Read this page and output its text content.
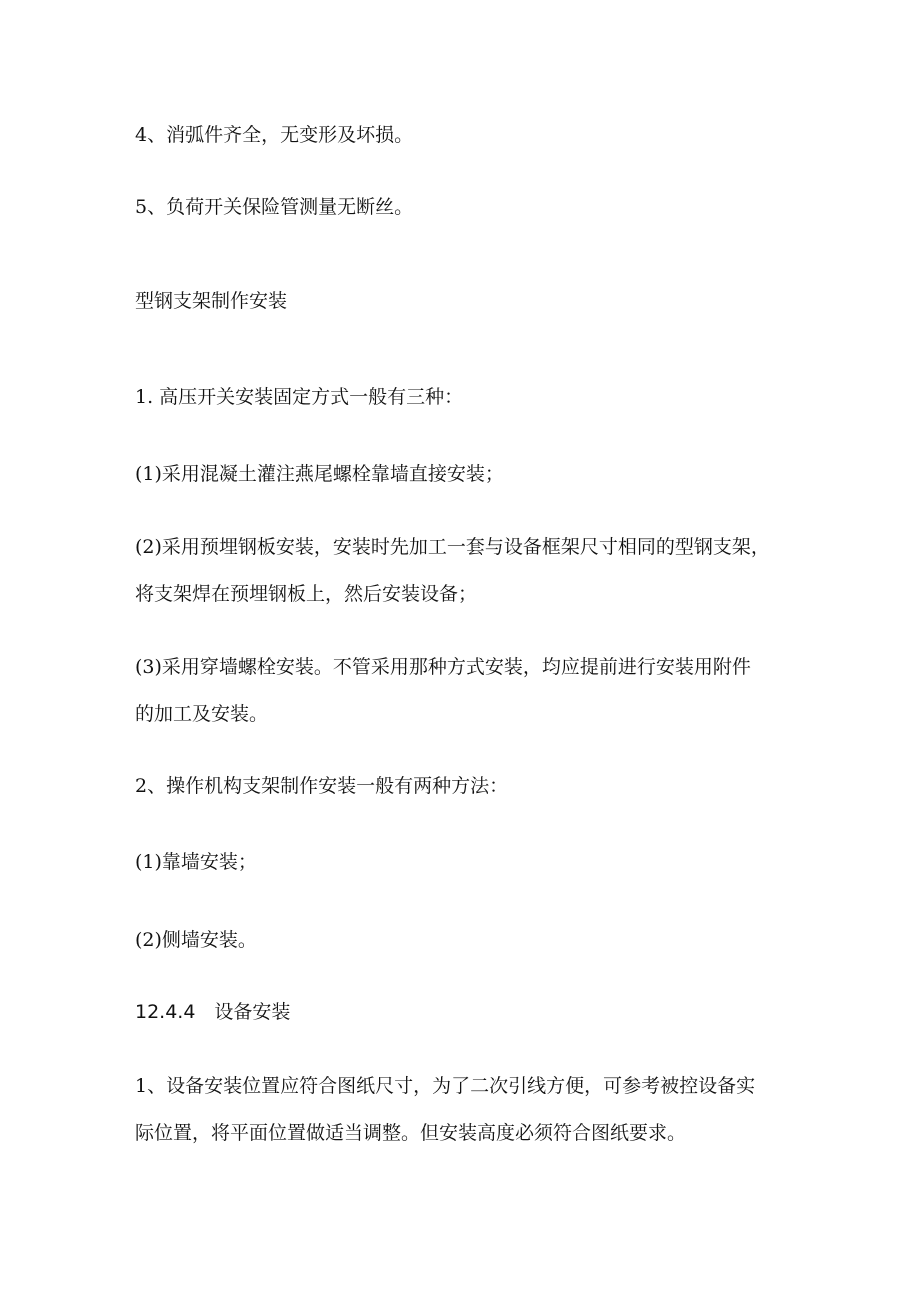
4、消弧件齐全，无变形及坏损。

5、负荷开关保险管测量无断丝。

型钢支架制作安装

1. 高压开关安装固定方式一般有三种：

(1)采用混凝土灌注燕尾螺栓靠墙直接安装；

(2)采用预埋钢板安装，安装时先加工一套与设备框架尺寸相同的型钢支架，

将支架焊在预埋钢板上，然后安装设备；

(3)采用穿墙螺栓安装。不管采用那种方式安装，均应提前进行安装用附件

的加工及安装。

2、操作机构支架制作安装一般有两种方法：

(1)靠墙安装；

(2)侧墙安装。

12.4.4　设备安装

1、设备安装位置应符合图纸尺寸，为了二次引线方便，可参考被控设备实

际位置，将平面位置做适当调整。但安装高度必须符合图纸要求。
